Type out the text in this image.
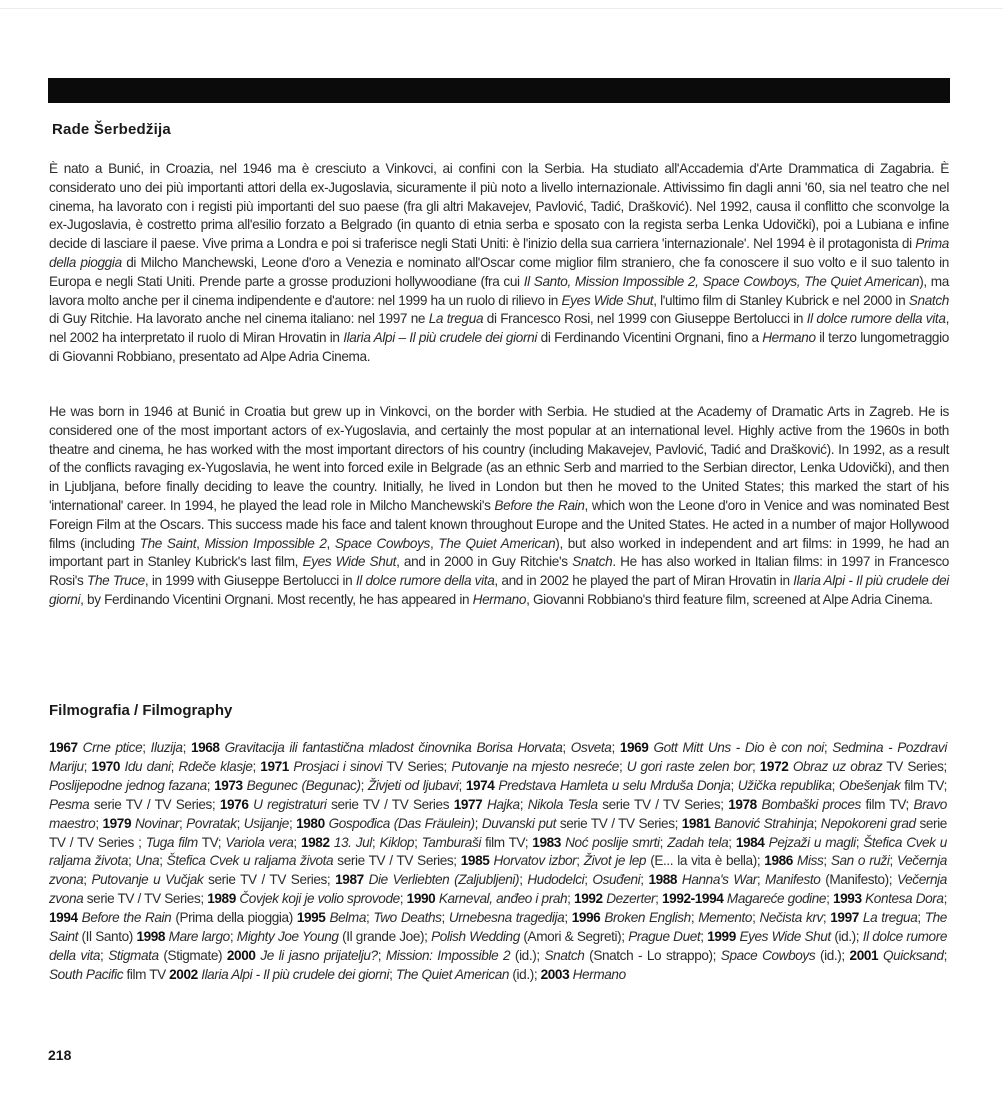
Rade Šerbedžija

È nato a Bunić, in Croazia, nel 1946 ma è cresciuto a Vinkovci, ai confini con la Serbia. Ha studiato all'Accademia d'Arte Drammatica di Zagabria. È considerato uno dei più importanti attori della ex-Jugoslavia, sicuramente il più noto a livello internazionale. Attivissimo fin dagli anni '60, sia nel teatro che nel cinema, ha lavorato con i registi più importanti del suo paese (fra gli altri Makavejev, Pavlović, Tadić, Drašković). Nel 1992, causa il conflitto che sconvolge la ex-Jugoslavia, è costretto prima all'esilio forzato a Belgrado (in quanto di etnia serba e sposato con la regista serba Lenka Udovički), poi a Lubiana e infine decide di lasciare il paese. Vive prima a Londra e poi si traferisce negli Stati Uniti: è l'inizio della sua carriera 'internazionale'. Nel 1994 è il protagonista di Prima della pioggia di Milcho Manchewski, Leone d'oro a Venezia e nominato all'Oscar come miglior film straniero, che fa conoscere il suo volto e il suo talento in Europa e negli Stati Uniti. Prende parte a grosse produzioni hollywoodiane (fra cui Il Santo, Mission Impossible 2, Space Cowboys, The Quiet American), ma lavora molto anche per il cinema indipendente e d'autore: nel 1999 ha un ruolo di rilievo in Eyes Wide Shut, l'ultimo film di Stanley Kubrick e nel 2000 in Snatch di Guy Ritchie. Ha lavorato anche nel cinema italiano: nel 1997 ne La tregua di Francesco Rosi, nel 1999 con Giuseppe Bertolucci in Il dolce rumore della vita, nel 2002 ha interpretato il ruolo di Miran Hrovatin in Ilaria Alpi – Il più crudele dei giorni di Ferdinando Vicentini Orgnani, fino a Hermano il terzo lungometraggio di Giovanni Robbiano, presentato ad Alpe Adria Cinema.

He was born in 1946 at Bunić in Croatia but grew up in Vinkovci, on the border with Serbia. He studied at the Academy of Dramatic Arts in Zagreb. He is considered one of the most important actors of ex-Yugoslavia, and certainly the most popular at an international level. Highly active from the 1960s in both theatre and cinema, he has worked with the most important directors of his country (including Makavejev, Pavlović, Tadić and Drašković). In 1992, as a result of the conflicts ravaging ex-Yugoslavia, he went into forced exile in Belgrade (as an ethnic Serb and married to the Serbian director, Lenka Udovički), and then in Ljubljana, before finally deciding to leave the country. Initially, he lived in London but then he moved to the United States; this marked the start of his 'international' career. In 1994, he played the lead role in Milcho Manchewski's Before the Rain, which won the Leone d'oro in Venice and was nominated Best Foreign Film at the Oscars. This success made his face and talent known throughout Europe and the United States. He acted in a number of major Hollywood films (including The Saint, Mission Impossible 2, Space Cowboys, The Quiet American), but also worked in independent and art films: in 1999, he had an important part in Stanley Kubrick's last film, Eyes Wide Shut, and in 2000 in Guy Ritchie's Snatch. He has also worked in Italian films: in 1997 in Francesco Rosi's The Truce, in 1999 with Giuseppe Bertolucci in Il dolce rumore della vita, and in 2002 he played the part of Miran Hrovatin in Ilaria Alpi - Il più crudele dei giorni, by Ferdinando Vicentini Orgnani. Most recently, he has appeared in Hermano, Giovanni Robbiano's third feature film, screened at Alpe Adria Cinema.

Filmografia / Filmography

1967 Crne ptice; Iluzija; 1968 Gravitacija ili fantastična mladost činovnika Borisa Horvata; Osveta; 1969 Gott Mitt Uns - Dio è con noi; Sedmina - Pozdravi Mariju; 1970 Idu dani; Rdeče klasje; 1971 Prosjaci i sinovi TV Series; Putovanje na mjesto nesreće; U gori raste zelen bor; 1972 Obraz uz obraz TV Series; Poslijepodne jednog fazana; 1973 Begunec (Begunac); Živjeti od ljubavi; 1974 Predstava Hamleta u selu Mrduša Donja; Užička republika; Obešenjak film TV; Pesma serie TV / TV Series; 1976 U registraturi serie TV / TV Series 1977 Hajka; Nikola Tesla serie TV / TV Series; 1978 Bombaški proces film TV; Bravo maestro; 1979 Novinar; Povratak; Usijanje; 1980 Gospođica (Das Fräulein); Duvanski put serie TV / TV Series; 1981 Banović Strahinja; Nepokoreni grad serie TV / TV Series ; Tuga film TV; Variola vera; 1982 13. Jul; Kiklop; Tamburaši film TV; 1983 Noć poslije smrti; Zadah tela; 1984 Pejzaži u magli; Štefica Cvek u raljama života; Una; Štefica Cvek u raljama života serie TV / TV Series; 1985 Horvatov izbor; Život je lep (E... la vita è bella); 1986 Miss; San o ruži; Večernja zvona; Putovanje u Vučjak serie TV / TV Series; 1987 Die Verliebten (Zaljubljeni); Hudodelci; Osuđeni; 1988 Hanna's War; Manifesto (Manifesto); Večernja zvona serie TV / TV Series; 1989 Čovjek koji je volio sprovode; 1990 Karneval, anđeo i prah; 1992 Dezerter; 1992-1994 Magareće godine; 1993 Kontesa Dora; 1994 Before the Rain (Prima della pioggia) 1995 Belma; Two Deaths; Urnebesna tragedija; 1996 Broken English; Memento; Nečista krv; 1997 La tregua; The Saint (Il Santo) 1998 Mare largo; Mighty Joe Young (Il grande Joe); Polish Wedding (Amori & Segreti); Prague Duet; 1999 Eyes Wide Shut (id.); Il dolce rumore della vita; Stigmata (Stigmate) 2000 Je li jasno prijatelju?; Mission: Impossible 2 (id.); Snatch (Snatch - Lo strappo); Space Cowboys (id.); 2001 Quicksand; South Pacific film TV 2002 Ilaria Alpi - Il più crudele dei giorni; The Quiet American (id.); 2003 Hermano

218
